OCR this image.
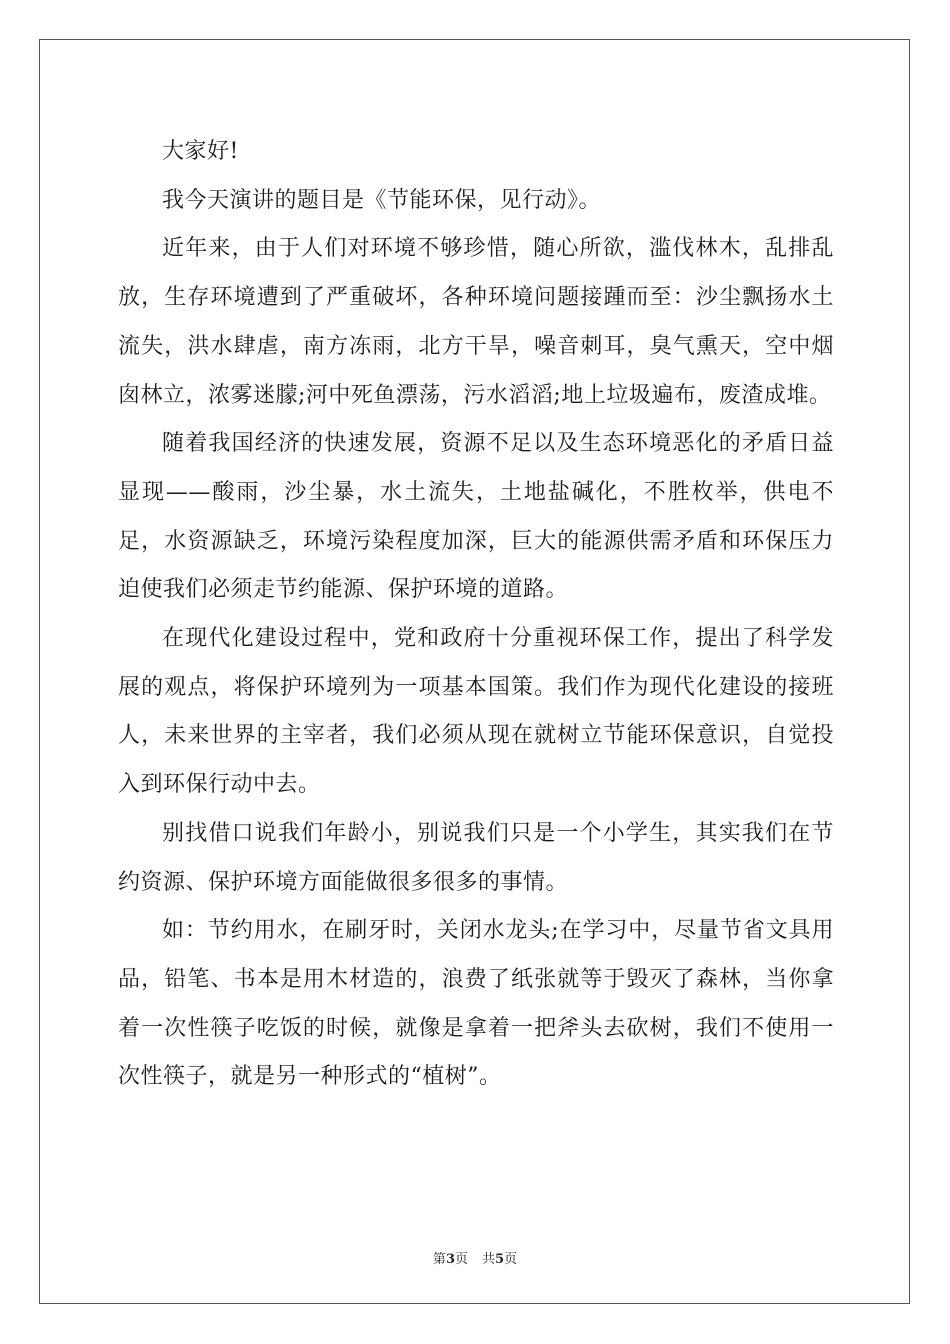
大家好!

我今天演讲的题目是《节能环保，见行动》。

近年来，由于人们对环境不够珍惜，随心所欲，滥伐林木，乱排乱放，生存环境遭到了严重破坏，各种环境问题接踵而至：沙尘飘扬水土流失，洪水肆虐，南方冻雨，北方干旱，噪音刺耳，臭气熏天，空中烟囱林立，浓雾迷朦;河中死鱼漂荡，污水滔滔;地上垃圾遍布，废渣成堆。

随着我国经济的快速发展，资源不足以及生态环境恶化的矛盾日益显现——酸雨，沙尘暴，水土流失，土地盐碱化，不胜枚举，供电不足，水资源缺乏，环境污染程度加深，巨大的能源供需矛盾和环保压力迫使我们必须走节约能源、保护环境的道路。

在现代化建设过程中，党和政府十分重视环保工作，提出了科学发展的观点，将保护环境列为一项基本国策。我们作为现代化建设的接班人，未来世界的主宰者，我们必须从现在就树立节能环保意识，自觉投入到环保行动中去。

别找借口说我们年龄小，别说我们只是一个小学生，其实我们在节约资源、保护环境方面能做很多很多的事情。

如：节约用水，在刷牙时，关闭水龙头;在学习中，尽量节省文具用品，铅笔、书本是用木材造的，浪费了纸张就等于毁灭了森林，当你拿着一次性筷子吃饭的时候，就像是拿着一把斧头去砍树，我们不使用一次性筷子，就是另一种形式的“植树”。

第3页 共5页
